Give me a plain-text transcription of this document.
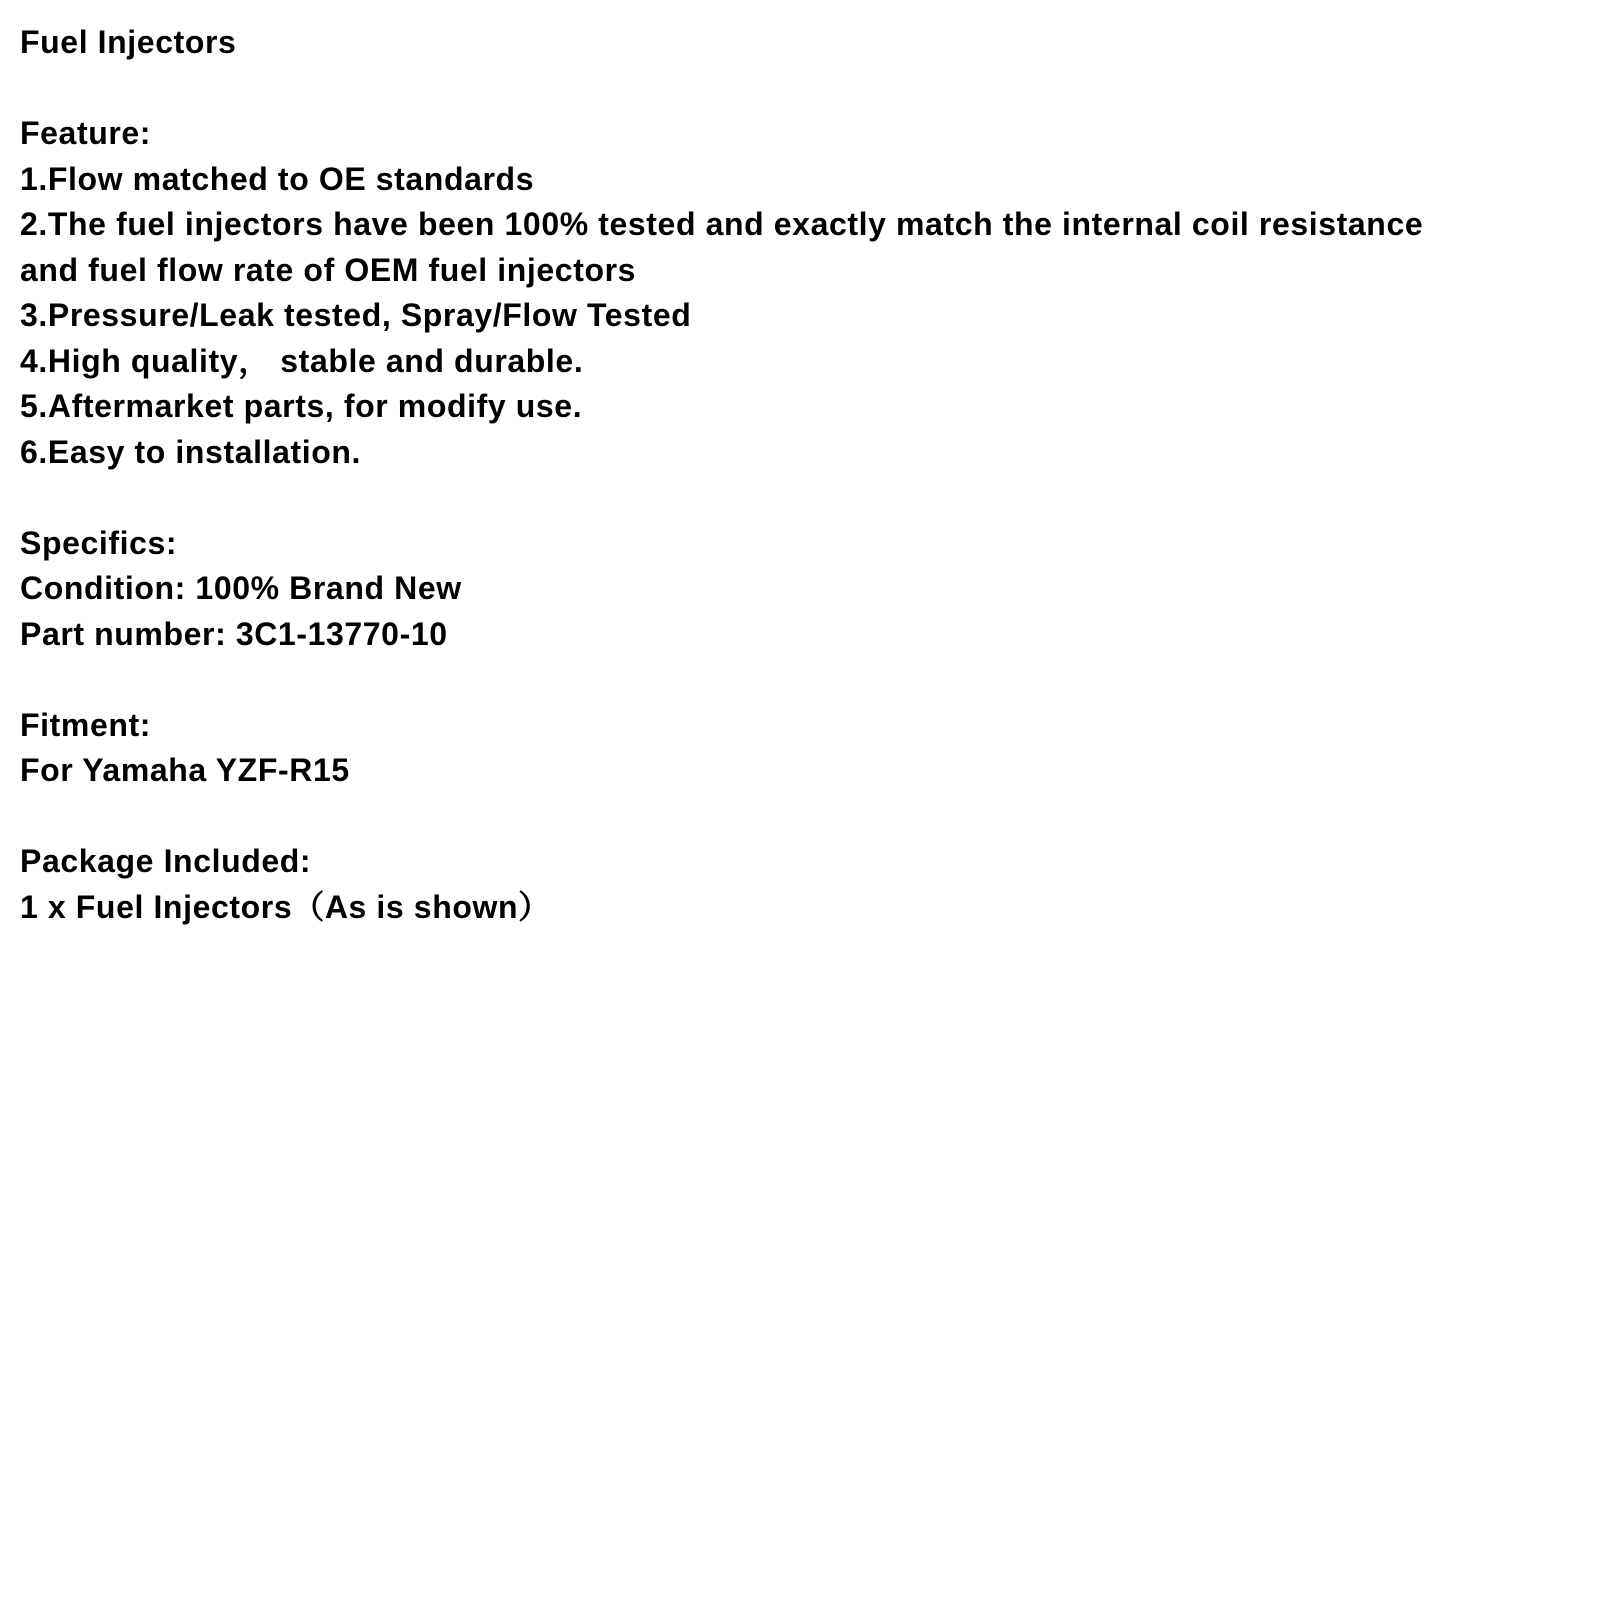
Fuel Injectors
Feature:
1.Flow matched to OE standards
2.The fuel injectors have been 100% tested and exactly match the internal coil resistance
and fuel flow rate of OEM fuel injectors
3.Pressure/Leak tested, Spray/Flow Tested
4.High quality， stable and durable.
5.Aftermarket parts, for modify use.
6.Easy to installation.
Specifics:
Condition: 100% Brand New
Part number: 3C1-13770-10
Fitment:
For Yamaha YZF-R15
Package Included:
1 x Fuel Injectors（As is shown）
